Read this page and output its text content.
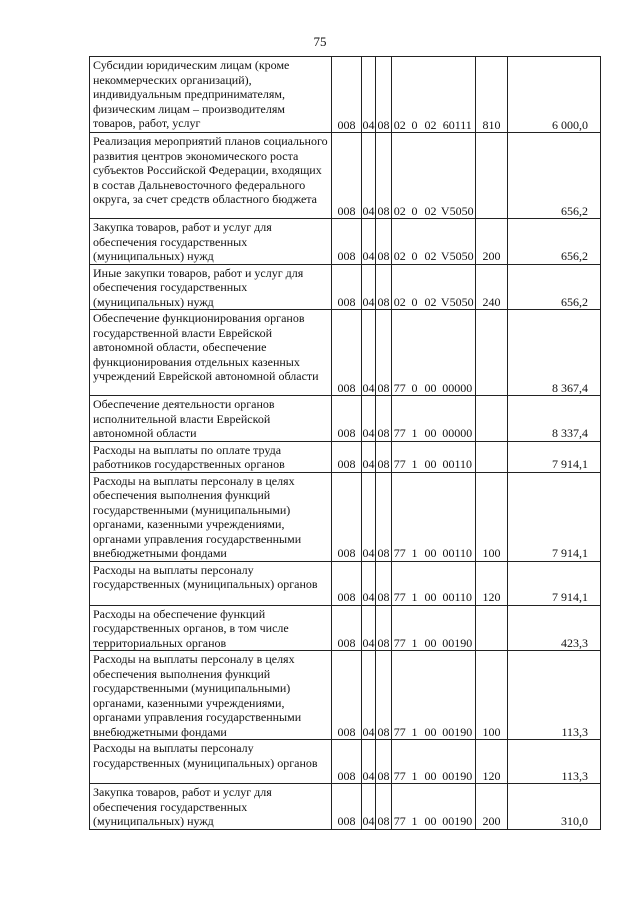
75
Субсидии юридическим лицам (кроме некоммерческих организаций), индивидуальным предпринимателям, физическим лицам – производителям товаров, работ, услуг	008	04	08	02	0	02	60111	810	6 000,0
Реализация мероприятий планов социального развития центров экономического роста субъектов Российской Федерации, входящих в состав Дальневосточного федерального округа, за счет средств областного бюджета	008	04	08	02	0	02	V5050		656,2
Закупка товаров, работ и услуг для обеспечения государственных (муниципальных) нужд	008	04	08	02	0	02	V5050	200	656,2
Иные закупки товаров, работ и услуг для обеспечения государственных (муниципальных) нужд	008	04	08	02	0	02	V5050	240	656,2
Обеспечение функционирования органов государственной власти Еврейской автономной области, обеспечение функционирования отдельных казенных учреждений Еврейской автономной области	008	04	08	77	0	00	00000		8 367,4
Обеспечение деятельности органов исполнительной власти Еврейской автономной области	008	04	08	77	1	00	00000		8 337,4
Расходы на выплаты по оплате труда работников государственных органов	008	04	08	77	1	00	00110		7 914,1
Расходы на выплаты персоналу в целях обеспечения выполнения функций государственными (муниципальными) органами, казенными учреждениями, органами управления государственными внебюджетными фондами	008	04	08	77	1	00	00110	100	7 914,1
Расходы на выплаты персоналу государственных (муниципальных) органов	008	04	08	77	1	00	00110	120	7 914,1
Расходы на обеспечение функций государственных органов, в том числе территориальных органов	008	04	08	77	1	00	00190		423,3
Расходы на выплаты персоналу в целях обеспечения выполнения функций государственными (муниципальными) органами, казенными учреждениями, органами управления государственными внебюджетными фондами	008	04	08	77	1	00	00190	100	113,3
Расходы на выплаты персоналу государственных (муниципальных) органов	008	04	08	77	1	00	00190	120	113,3
Закупка товаров, работ и услуг для обеспечения государственных (муниципальных) нужд	008	04	08	77	1	00	00190	200	310,0
